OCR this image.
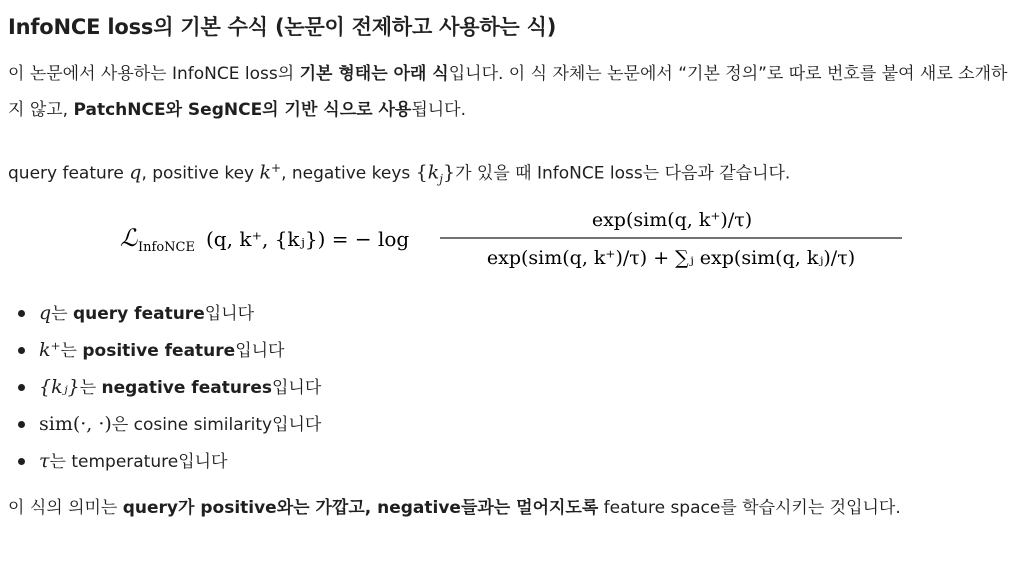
InfoNCE loss의 기본 수식 (논문이 전제하고 사용하는 식)

이 논문에서 사용하는 InfoNCE loss의 기본 형태는 아래 식입니다. 이 식 자체는 논문에서 “기본 정의”로 따로 번호를 붙여 새로 소개하지 않고, PatchNCE와 SegNCE의 기반 식으로 사용됩니다.

query feature q, positive key k+, negative keys $\{k_j\}$가 있을 때 InfoNCE loss는 다음과 같습니다.

ℒ InfoNCE (q, k⁺, {kⱼ}) = − log
exp(sim(q, k⁺)/τ)
exp(sim(q, k⁺)/τ) + ∑ⱼ exp(sim(q, kⱼ)/τ)
q는 query feature입니다
k⁺는 positive feature입니다
{kⱼ}는 negative features입니다
sim(·, ·)은 cosine similarity입니다
τ는 temperature입니다

이 식의 의미는 query가 positive와는 가깝고, negative들과는 멀어지도록 feature space를 학습시키는 것입니다.
